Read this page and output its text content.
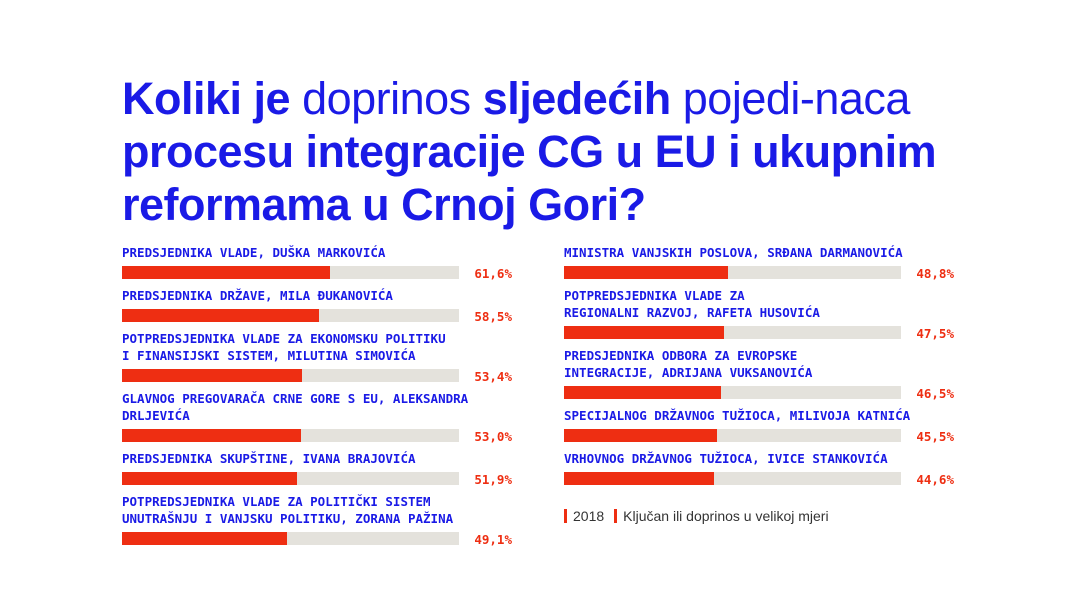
Koliki je doprinos sljedećih pojedi-naca procesu integracije CG u EU i ukupnim reformama u Crnoj Gori?
PREDSJEDNIKA VLADE, DUŠKA MARKOVIĆA
61,6%
PREDSJEDNIKA DRŽAVE, MILA ĐUKANOVIĆA
58,5%
POTPREDSJEDNIKA VLADE ZA EKONOMSKU POLITIKU
I FINANSIJSKI SISTEM, MILUTINA SIMOVIĆA
53,4%
GLAVNOG PREGOVARAČA CRNE GORE S EU, ALEKSANDRA DRLJEVIĆA
53,0%
PREDSJEDNIKA SKUPŠTINE, IVANA BRAJOVIĆA
51,9%
POTPREDSJEDNIKA VLADE ZA POLITIČKI SISTEM
UNUTRAŠNJU I VANJSKU POLITIKU, ZORANA PAŽINA
49,1%
MINISTRA VANJSKIH POSLOVA, SRĐANA DARMANOVIĆA
48,8%
POTPREDSJEDNIKA VLADE ZA
REGIONALNI RAZVOJ, RAFETA HUSOVIĆA
47,5%
PREDSJEDNIKA ODBORA ZA EVROPSKE
INTEGRACIJE, ADRIJANA VUKSANOVIĆA
46,5%
SPECIJALNOG DRŽAVNOG TUŽIOCA, MILIVOJA KATNIĆA
45,5%
VRHOVNOG DRŽAVNOG TUŽIOCA, IVICE STANKOVIĆA
44,6%
2018	Ključan ili doprinos u velikoj mjeri
